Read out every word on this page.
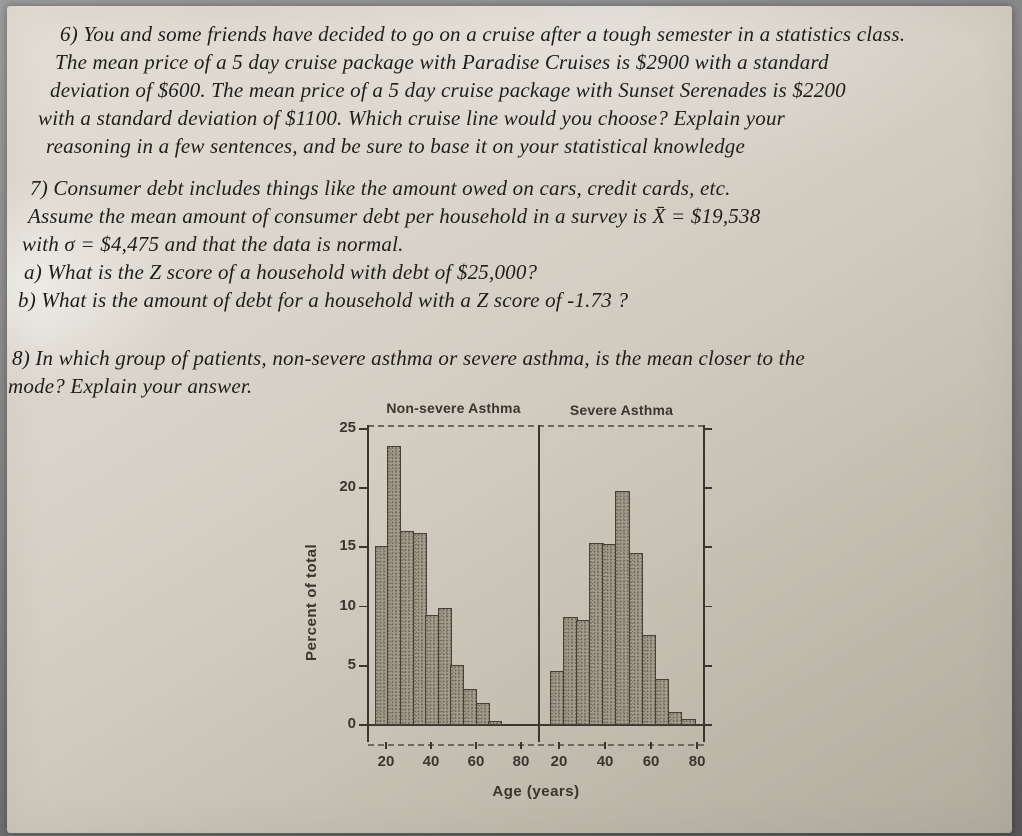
6) You and some friends have decided to go on a cruise after a tough semester in a statistics class.
The mean price of a 5 day cruise package with Paradise Cruises is $2900 with a standard
deviation of $600. The mean price of a 5 day cruise package with Sunset Serenades is $2200
with a standard deviation of $1100. Which cruise line would you choose? Explain your
reasoning in a few sentences, and be sure to base it on your statistical knowledge
7) Consumer debt includes things like the amount owed on cars, credit cards, etc.
Assume the mean amount of consumer debt per household in a survey is X̄ = $19,538
with σ = $4,475 and that the data is normal.
a) What is the Z score of a household with debt of $25,000?
b) What is the amount of debt for a household with a Z score of -1.73 ?
8) In which group of patients, non-severe asthma or severe asthma, is the mean closer to the
mode? Explain your answer.
Non-severe Asthma	Severe Asthma
Percent of total
Age (years)
0
5
10
15
20
25
20	40	60	80	20	40	60	80
